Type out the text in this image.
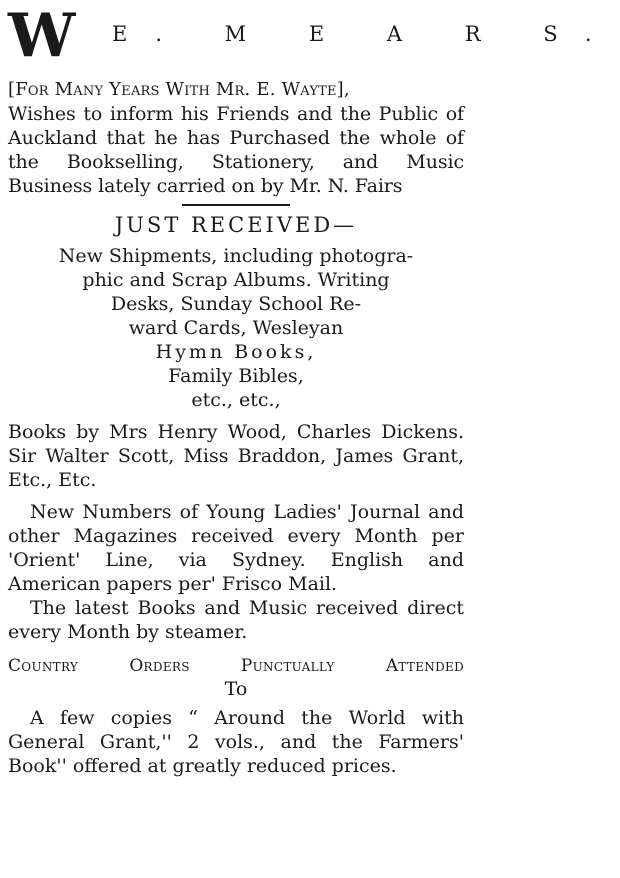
W E. M E A R S.
[For Many Years With Mr. E. Wayte],

Wishes to inform his Friends and the Public of Auckland that he has Purchased the whole of the Bookselling, Stationery, and Music Business lately carried on by Mr. N. Fairs

JUST RECEIVED—
New Shipments, including photogra-
phic and Scrap Albums. Writing
Desks, Sunday School Re-
ward Cards, Wesleyan
Hymn Books,
Family Bibles,
etc., etc.,

Books by Mrs Henry Wood, Charles Dickens. Sir Walter Scott, Miss Braddon, James Grant, Etc., Etc.

New Numbers of Young Ladies' Journal and other Magazines received every Month per 'Orient' Line, via Sydney. English and American papers per' Frisco Mail.

The latest Books and Music received direct every Month by steamer.

Country Orders Punctually Attended
To

A few copies “ Around the World with General Grant,'' 2 vols., and the Farmers' Book'' offered at greatly reduced prices.
